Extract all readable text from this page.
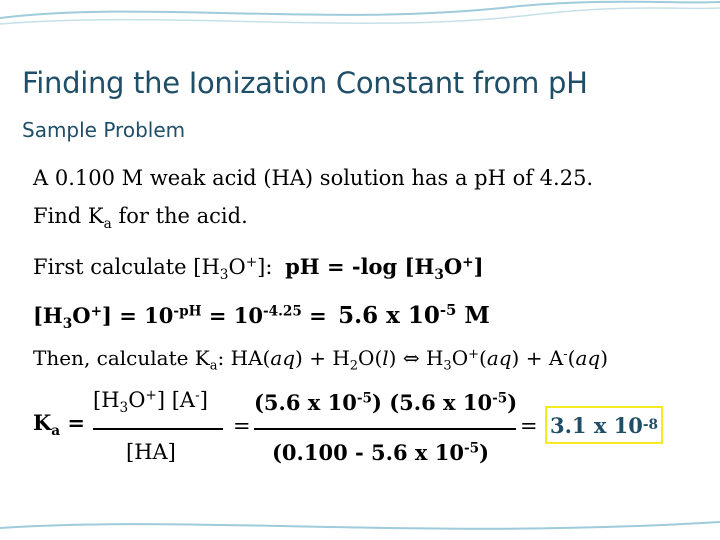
Finding the Ionization Constant from pH
Sample Problem
A 0.100 M weak acid (HA) solution has a pH of 4.25.
Find $K_a$ for the acid.
First calculate $[H_3O^+]$: pH = -log $[H_3O^+]$
$[H_3O^+] = 10^{-pH} = 10^{-4.25} = 5.6$ x $10^{-5}$ M
Then, calculate $K_a$: $HA(aq) + H_2O(l)$ ⇔ $H_3O^+(aq) + A^-(aq)$
$K_a$ =
$[H_3O^+]$ [A-]
[HA]
=
(5.6 x $10^{-5}$) (5.6 x $10^{-5}$)
(0.100 - 5.6 x $10^{-5}$)
= 3.1 x 10 -8
